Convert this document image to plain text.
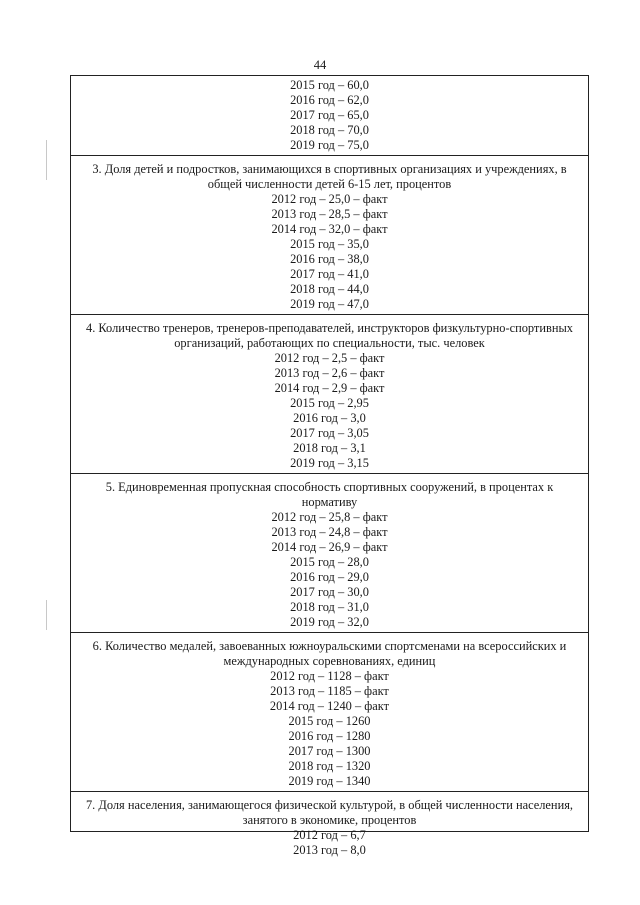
44
2015 год – 60,0
2016 год – 62,0
2017 год – 65,0
2018 год – 70,0
2019 год – 75,0
3. Доля детей и подростков, занимающихся в спортивных организациях и учреждениях, в общей численности детей 6-15 лет, процентов
2012 год – 25,0 – факт
2013 год – 28,5 – факт
2014 год – 32,0 – факт
2015 год – 35,0
2016 год – 38,0
2017 год – 41,0
2018 год – 44,0
2019 год – 47,0
4. Количество тренеров, тренеров-преподавателей, инструкторов физкультурно-спортивных организаций, работающих по специальности, тыс. человек
2012 год – 2,5 – факт
2013 год – 2,6 – факт
2014 год – 2,9 – факт
2015 год – 2,95
2016 год – 3,0
2017 год – 3,05
2018 год – 3,1
2019 год – 3,15
5. Единовременная пропускная способность спортивных сооружений, в процентах к нормативу
2012 год – 25,8 – факт
2013 год – 24,8 – факт
2014 год – 26,9 – факт
2015 год – 28,0
2016 год – 29,0
2017 год – 30,0
2018 год – 31,0
2019 год – 32,0
6. Количество медалей, завоеванных южноуральскими спортсменами на всероссийских и международных соревнованиях, единиц
2012 год – 1128 – факт
2013 год – 1185 – факт
2014 год – 1240 – факт
2015 год – 1260
2016 год – 1280
2017 год – 1300
2018 год – 1320
2019 год – 1340
7. Доля населения, занимающегося физической культурой, в общей численности населения, занятого в экономике, процентов
2012 год – 6,7
2013 год – 8,0
